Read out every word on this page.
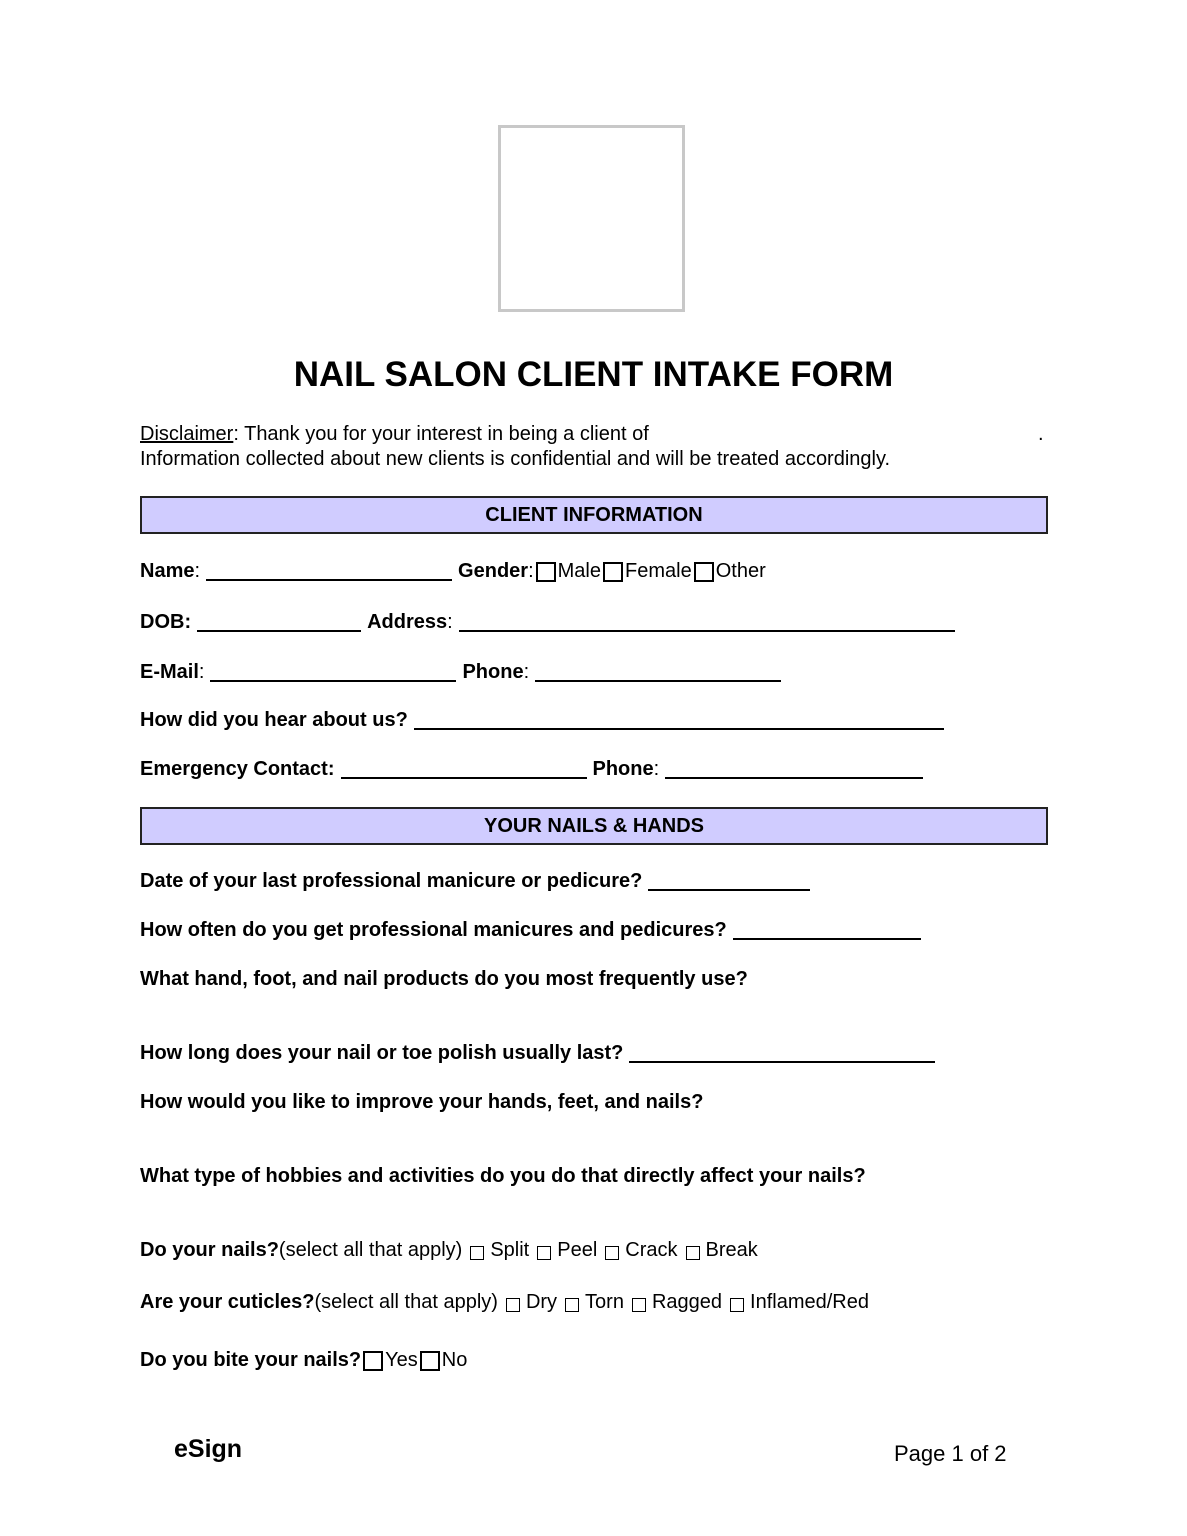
NAIL SALON CLIENT INTAKE FORM
Disclaimer: Thank you for your interest in being a client of	.
Information collected about new clients is confidential and will be treated accordingly.
CLIENT INFORMATION
Name :	Gender : Male Female Other
DOB:	Address :
E-Mail :	Phone :
How did you hear about us?
Emergency Contact:	Phone :
YOUR NAILS & HANDS
Date of your last professional manicure or pedicure?
How often do you get professional manicures and pedicures?
What hand, foot, and nail products do you most frequently use?
How long does your nail or toe polish usually last?
How would you like to improve your hands, feet, and nails?
What type of hobbies and activities do you do that directly affect your nails?
Do your nails? (select all that apply) Split Peel Crack Break
Are your cuticles? (select all that apply) Dry Torn Ragged Inflamed/Red
Do you bite your nails? Yes No
eSign	Page 1 of 2
